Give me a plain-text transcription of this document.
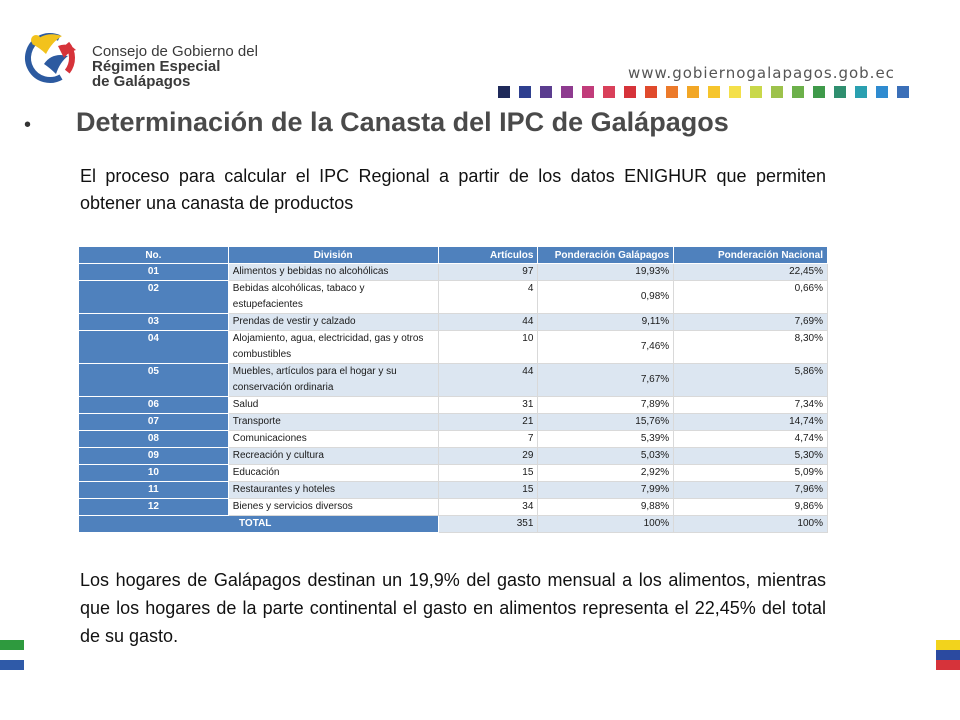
Consejo de Gobierno del
Régimen Especial
de Galápagos	www.gobiernogalapagos.gob.ec
• Determinación de la Canasta del IPC de Galápagos
El proceso para calcular el IPC Regional a partir de los datos ENIGHUR que permiten obtener una canasta de productos
No.	División	Artículos	Ponderación Galápagos	Ponderación Nacional
01	Alimentos y bebidas no alcohólicas	97	19,93%	22,45%
02	Bebidas alcohólicas, tabaco y estupefacientes	4	0,98%	0,66%
03	Prendas de vestir y calzado	44	9,11%	7,69%
04	Alojamiento, agua, electricidad, gas y otros combustibles	10	7,46%	8,30%
05	Muebles, artículos para el hogar y su conservación ordinaria	44	7,67%	5,86%
06	Salud	31	7,89%	7,34%
07	Transporte	21	15,76%	14,74%
08	Comunicaciones	7	5,39%	4,74%
09	Recreación y cultura	29	5,03%	5,30%
10	Educación	15	2,92%	5,09%
11	Restaurantes y hoteles	15	7,99%	7,96%
12	Bienes y servicios diversos	34	9,88%	9,86%
TOTAL		351	100%	100%
Los hogares de Galápagos destinan un 19,9% del gasto mensual a los alimentos, mientras que los hogares de la parte continental el gasto en alimentos representa el 22,45% del total de su gasto.
